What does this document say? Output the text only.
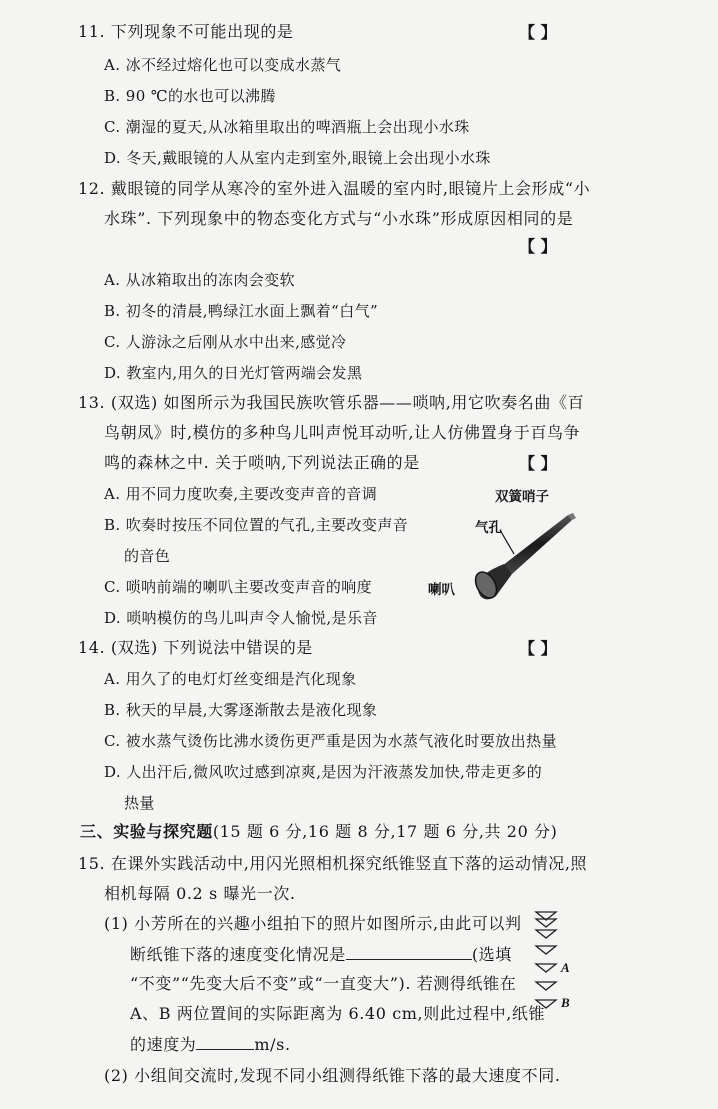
11. 下列现象不可能出现的是	【 】
A. 冰不经过熔化也可以变成水蒸气
B. 90 ℃的水也可以沸腾
C. 潮湿的夏天,从冰箱里取出的啤酒瓶上会出现小水珠
D. 冬天,戴眼镜的人从室内走到室外,眼镜上会出现小水珠
12. 戴眼镜的同学从寒冷的室外进入温暖的室内时,眼镜片上会形成“小
水珠”. 下列现象中的物态变化方式与“小水珠”形成原因相同的是
【 】
A. 从冰箱取出的冻肉会变软
B. 初冬的清晨,鸭绿江水面上飘着“白气”
C. 人游泳之后刚从水中出来,感觉冷
D. 教室内,用久的日光灯管两端会发黑
13. (双选) 如图所示为我国民族吹管乐器——唢呐,用它吹奏名曲《百
鸟朝凤》时,模仿的多种鸟儿叫声悦耳动听,让人仿佛置身于百鸟争
鸣的森林之中. 关于唢呐,下列说法正确的是	【 】
A. 用不同力度吹奏,主要改变声音的音调
B. 吹奏时按压不同位置的气孔,主要改变声音
的音色
C. 唢呐前端的喇叭主要改变声音的响度
D. 唢呐模仿的鸟儿叫声令人愉悦,是乐音
双簧哨子
气孔
喇叭
14. (双选) 下列说法中错误的是	【 】
A. 用久了的电灯灯丝变细是汽化现象
B. 秋天的早晨,大雾逐渐散去是液化现象
C. 被水蒸气烫伤比沸水烫伤更严重是因为水蒸气液化时要放出热量
D. 人出汗后,微风吹过感到凉爽,是因为汗液蒸发加快,带走更多的
热量
三、实验与探究题(15 题 6 分,16 题 8 分,17 题 6 分,共 20 分)
15. 在课外实践活动中,用闪光照相机探究纸锥竖直下落的运动情况,照
相机每隔 0.2 s 曝光一次.
(1) 小芳所在的兴趣小组拍下的照片如图所示,由此可以判
断纸锥下落的速度变化情况是	(选填
“不变”“先变大后不变”或“一直变大”). 若测得纸锥在
A、B 两位置间的实际距离为 6.40 cm,则此过程中,纸锥
的速度为	m/s.
(2) 小组间交流时,发现不同小组测得纸锥下落的最大速度不同.
A
B
